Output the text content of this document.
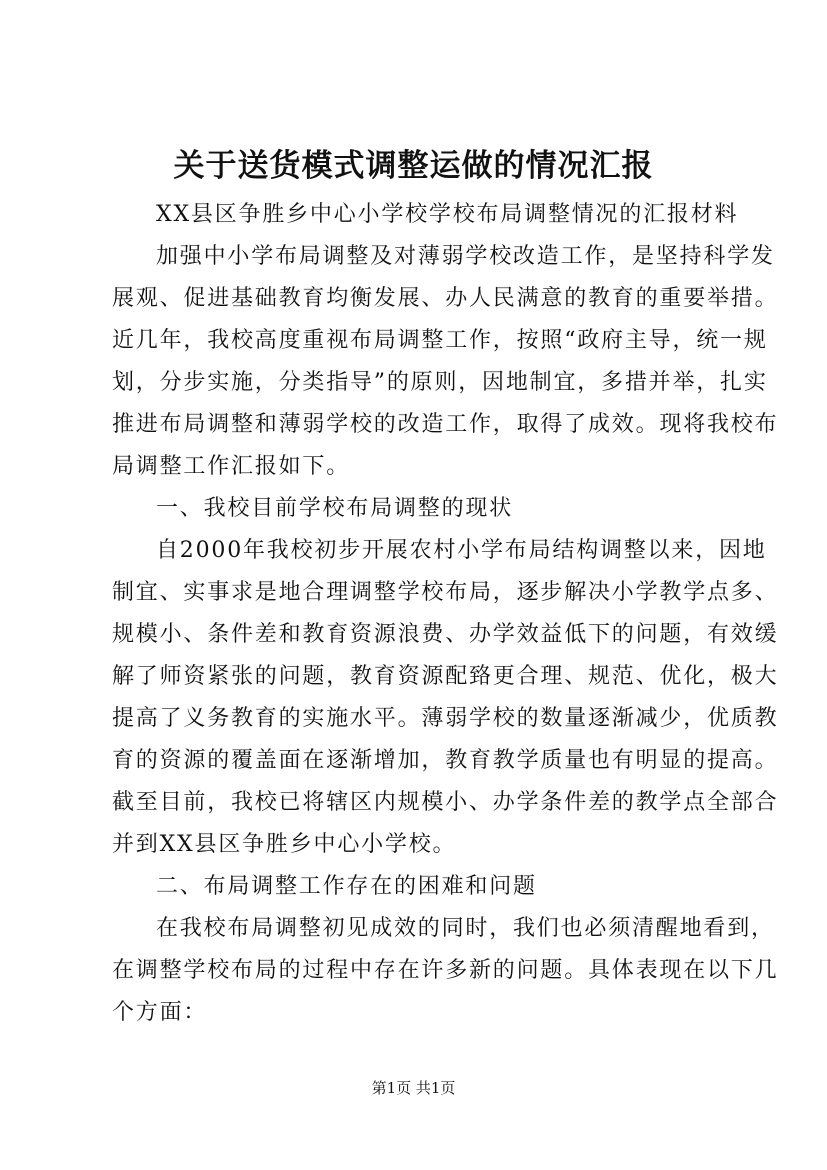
关于送货模式调整运做的情况汇报
XX县区争胜乡中心小学校学校布局调整情况的汇报材料
加强中小学布局调整及对薄弱学校改造工作，是坚持科学发
展观、促进基础教育均衡发展、办人民满意的教育的重要举措。
近几年，我校高度重视布局调整工作，按照“政府主导，统一规
划，分步实施，分类指导”的原则，因地制宜，多措并举，扎实
推进布局调整和薄弱学校的改造工作，取得了成效。现将我校布
局调整工作汇报如下。
一、我校目前学校布局调整的现状
自2000年我校初步开展农村小学布局结构调整以来，因地
制宜、实事求是地合理调整学校布局，逐步解决小学教学点多、
规模小、条件差和教育资源浪费、办学效益低下的问题，有效缓
解了师资紧张的问题，教育资源配臵更合理、规范、优化，极大
提高了义务教育的实施水平。薄弱学校的数量逐渐减少，优质教
育的资源的覆盖面在逐渐增加，教育教学质量也有明显的提高。
截至目前，我校已将辖区内规模小、办学条件差的教学点全部合
并到XX县区争胜乡中心小学校。
二、布局调整工作存在的困难和问题
在我校布局调整初见成效的同时，我们也必须清醒地看到，
在调整学校布局的过程中存在许多新的问题。具体表现在以下几
个方面：
第1页 共1页
